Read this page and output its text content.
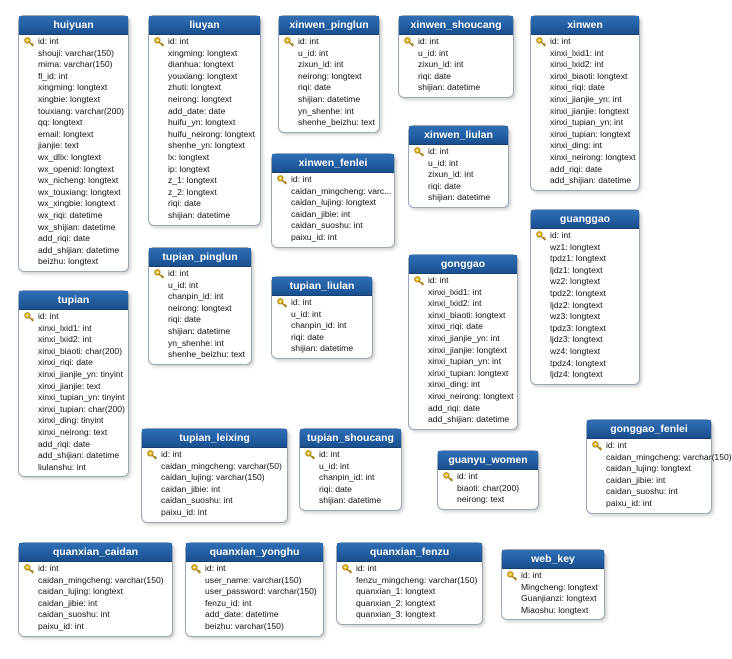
huiyuan
id: int
shouji: varchar(150)
mima: varchar(150)
fl_id: int
xingming: longtext
xingbie: longtext
touxiang: varchar(200)
qq: longtext
email: longtext
jianjie: text
wx_dllx: longtext
wx_openid: longtext
wx_nicheng: longtext
wx_touxiang: longtext
wx_xingbie: longtext
wx_riqi: datetime
wx_shijian: datetime
add_riqi: date
add_shijian: datetime
beizhu: longtext
liuyan
id: int
xingming: longtext
dianhua: longtext
youxiang: longtext
zhuti: longtext
neirong: longtext
add_date: date
huifu_yn: longtext
huifu_neirong: longtext
shenhe_yn: longtext
lx: longtext
ip: longtext
z_1: longtext
z_2: longtext
riqi: date
shijian: datetime
xinwen_pinglun
id: int
u_id: int
zixun_id: int
neirong: longtext
riqi: date
shijian: datetime
yn_shenhe: int
shenhe_beizhu: text
xinwen_shoucang
id: int
u_id: int
zixun_id: int
riqi: date
shijian: datetime
xinwen
id: int
xinxi_lxid1: int
xinxi_lxid2: int
xinxi_biaoti: longtext
xinxi_riqi: date
xinxi_jianjie_yn: int
xinxi_jianjie: longtext
xinxi_tupian_yn: int
xinxi_tupian: longtext
xinxi_ding: int
xinxi_neirong: longtext
add_riqi: date
add_shijian: datetime
xinwen_liulan
id: int
u_id: int
zixun_id: int
riqi: date
shijian: datetime
xinwen_fenlei
id: int
caidan_mingcheng: varc...
caidan_lujing: longtext
caidan_jibie: int
caidan_suoshu: int
paixu_id: int
guanggao
id: int
wz1: longtext
tpdz1: longtext
ljdz1: longtext
wz2: longtext
tpdz2: longtext
ljdz2: longtext
wz3: longtext
tpdz3: longtext
ljdz3: longtext
wz4: longtext
tpdz4: longtext
ljdz4: longtext
tupian_pinglun
id: int
u_id: int
chanpin_id: int
neirong: longtext
riqi: date
shijian: datetime
yn_shenhe: int
shenhe_beizhu: text
tupian_liulan
id: int
u_id: int
chanpin_id: int
riqi: date
shijian: datetime
gonggao
id: int
xinxi_lxid1: int
xinxi_lxid2: int
xinxi_biaoti: longtext
xinxi_riqi: date
xinxi_jianjie_yn: int
xinxi_jianjie: longtext
xinxi_tupian_yn: int
xinxi_tupian: longtext
xinxi_ding: int
xinxi_neirong: longtext
add_riqi: date
add_shijian: datetime
tupian
id: int
xinxi_lxid1: int
xinxi_lxid2: int
xinxi_biaoti: char(200)
xinxi_riqi: date
xinxi_jianjie_yn: tinyint
xinxi_jianjie: text
xinxi_tupian_yn: tinyint
xinxi_tupian: char(200)
xinxi_ding: tinyint
xinxi_neirong: text
add_riqi: date
add_shijian: datetime
liulanshu: int
tupian_leixing
id: int
caidan_mingcheng: varchar(50)
caidan_lujing: varchar(150)
caidan_jibie: int
caidan_suoshu: int
paixu_id: int
tupian_shoucang
id: int
u_id: int
chanpin_id: int
riqi: date
shijian: datetime
guanyu_women
id: int
biaoti: char(200)
neirong: text
gonggao_fenlei
id: int
caidan_mingcheng: varchar(150)
caidan_lujing: longtext
caidan_jibie: int
caidan_suoshu: int
paixu_id: int
quanxian_caidan
id: int
caidan_mingcheng: varchar(150)
caidan_lujing: longtext
caidan_jibie: int
caidan_suoshu: int
paixu_id: int
quanxian_yonghu
id: int
user_name: varchar(150)
user_password: varchar(150)
fenzu_id: int
add_date: datetime
beizhu: varchar(150)
quanxian_fenzu
id: int
fenzu_mingcheng: varchar(150)
quanxian_1: longtext
quanxian_2: longtext
quanxian_3: longtext
web_key
id: int
Mingcheng: longtext
Guanjianzi: longtext
Miaoshu: longtext
